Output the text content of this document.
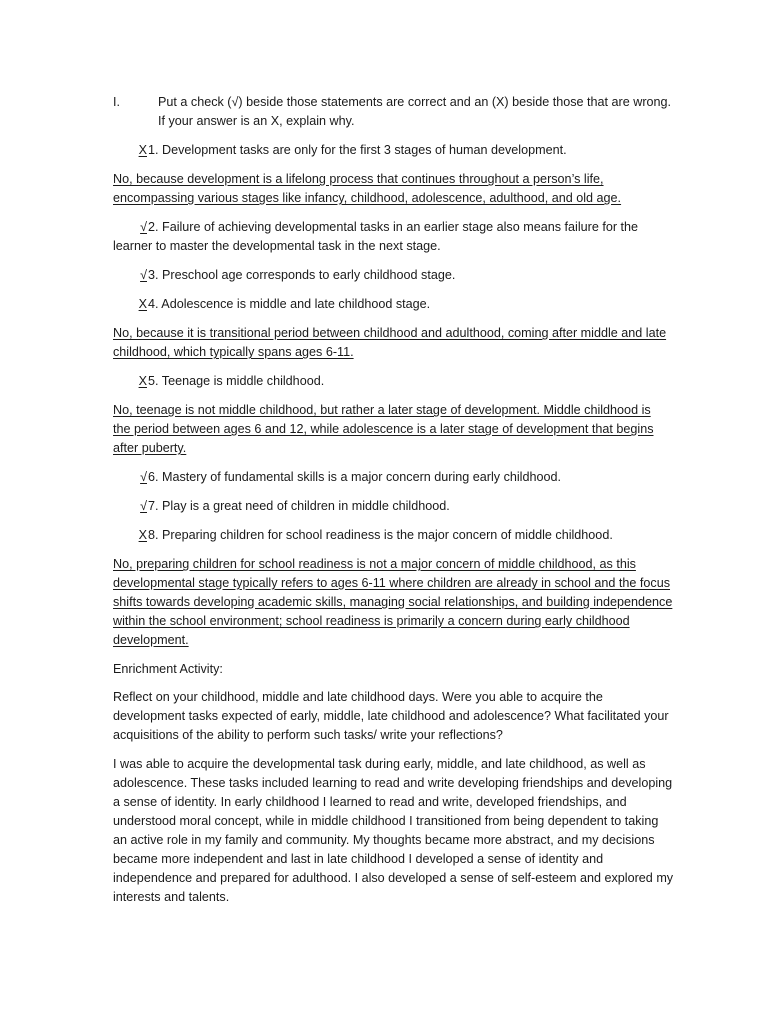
I.	Put a check (√) beside those statements are correct and an (X) beside those that are wrong.
If your answer is an X, explain why.
X1. Development tasks are only for the first 3 stages of human development.
No, because development is a lifelong process that continues throughout a person’s life,
encompassing various stages like infancy, childhood, adolescence, adulthood, and old age.
√2. Failure of achieving developmental tasks in an earlier stage also means failure for the
learner to master the developmental task in the next stage.
√3. Preschool age corresponds to early childhood stage.
X4. Adolescence is middle and late childhood stage.
No, because it is transitional period between childhood and adulthood, coming after middle and late
childhood, which typically spans ages 6-11.
X5. Teenage is middle childhood.
No, teenage is not middle childhood, but rather a later stage of development. Middle childhood is
the period between ages 6 and 12, while adolescence is a later stage of development that begins
after puberty.
√6. Mastery of fundamental skills is a major concern during early childhood.
√7. Play is a great need of children in middle childhood.
X8. Preparing children for school readiness is the major concern of middle childhood.
No, preparing children for school readiness is not a major concern of middle childhood, as this
developmental stage typically refers to ages 6-11 where children are already in school and the focus
shifts towards developing academic skills, managing social relationships, and building independence
within the school environment; school readiness is primarily a concern during early childhood
development.
Enrichment Activity:
Reflect on your childhood, middle and late childhood days. Were you able to acquire the
development tasks expected of early, middle, late childhood and adolescence? What facilitated your
acquisitions of the ability to perform such tasks/ write your reflections?
I was able to acquire the developmental task during early, middle, and late childhood, as well as
adolescence. These tasks included learning to read and write developing friendships and developing
a sense of identity. In early childhood I learned to read and write, developed friendships, and
understood moral concept, while in middle childhood I transitioned from being dependent to taking
an active role in my family and community. My thoughts became more abstract, and my decisions
became more independent and last in late childhood I developed a sense of identity and
independence and prepared for adulthood. I also developed a sense of self-esteem and explored my
interests and talents.
